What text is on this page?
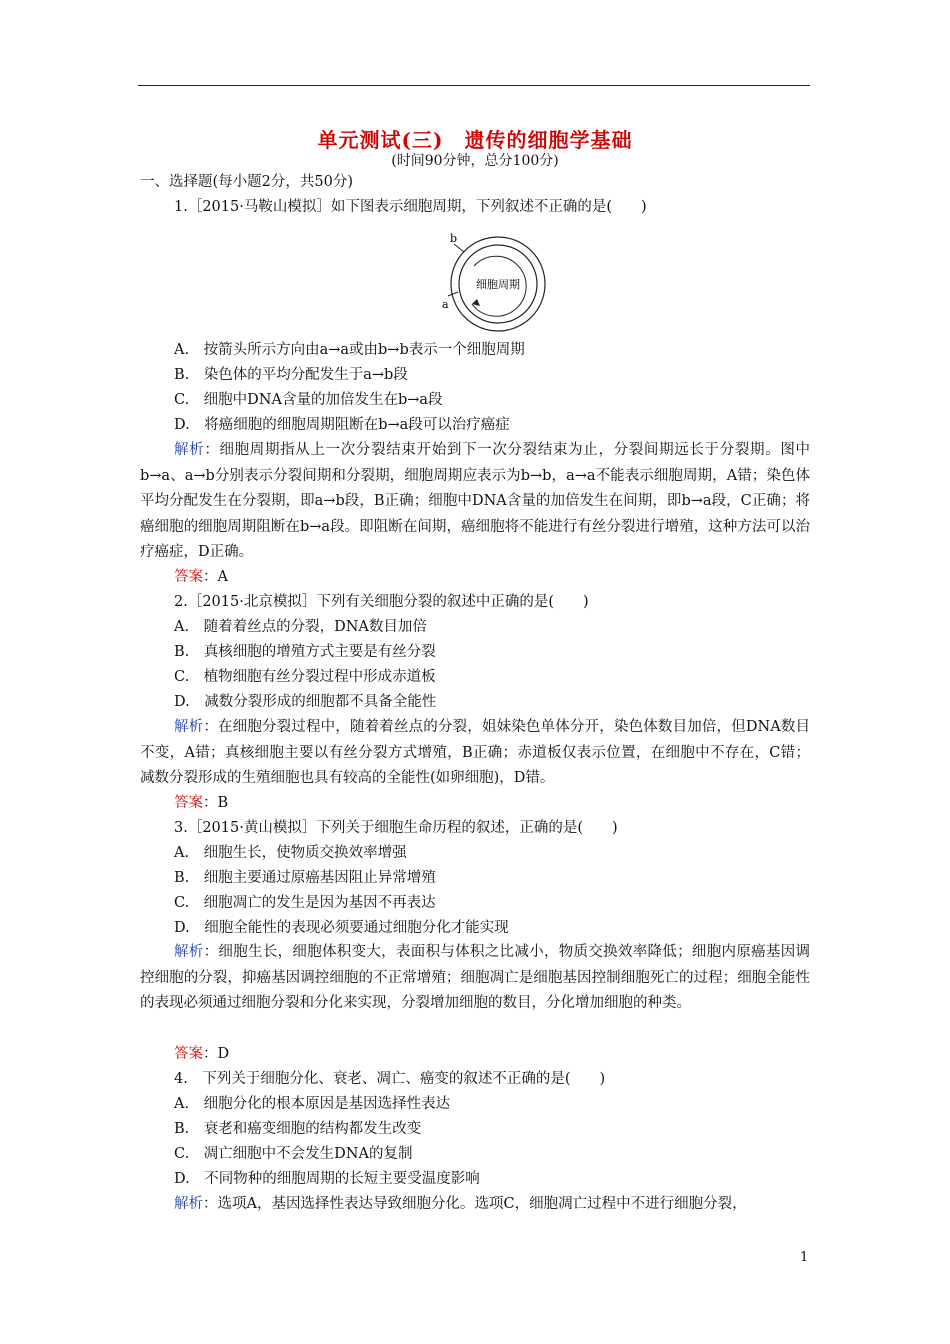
单元测试(三)　遗传的细胞学基础
(时间90分钟，总分100分)
一、选择题(每小题2分，共50分)
1.［2015·马鞍山模拟］如下图表示细胞周期，下列叙述不正确的是(　　)
b
a
细胞周期
A.　按箭头所示方向由a→a或由b→b表示一个细胞周期
B.　染色体的平均分配发生于a→b段
C.　细胞中DNA含量的加倍发生在b→a段
D.　将癌细胞的细胞周期阻断在b→a段可以治疗癌症
解析：细胞周期指从上一次分裂结束开始到下一次分裂结束为止，分裂间期远长于分裂期。图中b→a、a→b分别表示分裂间期和分裂期，细胞周期应表示为b→b，a→a不能表示细胞周期，A错；染色体平均分配发生在分裂期，即a→b段，B正确；细胞中DNA含量的加倍发生在间期，即b→a段，C正确；将癌细胞的细胞周期阻断在b→a段。即阻断在间期，癌细胞将不能进行有丝分裂进行增殖，这种方法可以治疗癌症，D正确。
答案：A
2.［2015·北京模拟］下列有关细胞分裂的叙述中正确的是(　　)
A.　随着着丝点的分裂，DNA数目加倍
B.　真核细胞的增殖方式主要是有丝分裂
C.　植物细胞有丝分裂过程中形成赤道板
D.　减数分裂形成的细胞都不具备全能性
解析：在细胞分裂过程中，随着着丝点的分裂，姐妹染色单体分开，染色体数目加倍，但DNA数目不变，A错；真核细胞主要以有丝分裂方式增殖，B正确；赤道板仅表示位置，在细胞中不存在，C错；减数分裂形成的生殖细胞也具有较高的全能性(如卵细胞)，D错。
答案：B
3.［2015·黄山模拟］下列关于细胞生命历程的叙述，正确的是(　　)
A.　细胞生长，使物质交换效率增强
B.　细胞主要通过原癌基因阻止异常增殖
C.　细胞凋亡的发生是因为基因不再表达
D.　细胞全能性的表现必须要通过细胞分化才能实现
解析：细胞生长，细胞体积变大，表面积与体积之比减小，物质交换效率降低；细胞内原癌基因调控细胞的分裂，抑癌基因调控细胞的不正常增殖；细胞凋亡是细胞基因控制细胞死亡的过程；细胞全能性的表现必须通过细胞分裂和分化来实现，分裂增加细胞的数目，分化增加细胞的种类。
答案：D
4.　下列关于细胞分化、衰老、凋亡、癌变的叙述不正确的是(　　)
A.　细胞分化的根本原因是基因选择性表达
B.　衰老和癌变细胞的结构都发生改变
C.　凋亡细胞中不会发生DNA的复制
D.　不同物种的细胞周期的长短主要受温度影响
解析：选项A，基因选择性表达导致细胞分化。选项C，细胞凋亡过程中不进行细胞分裂，
1
